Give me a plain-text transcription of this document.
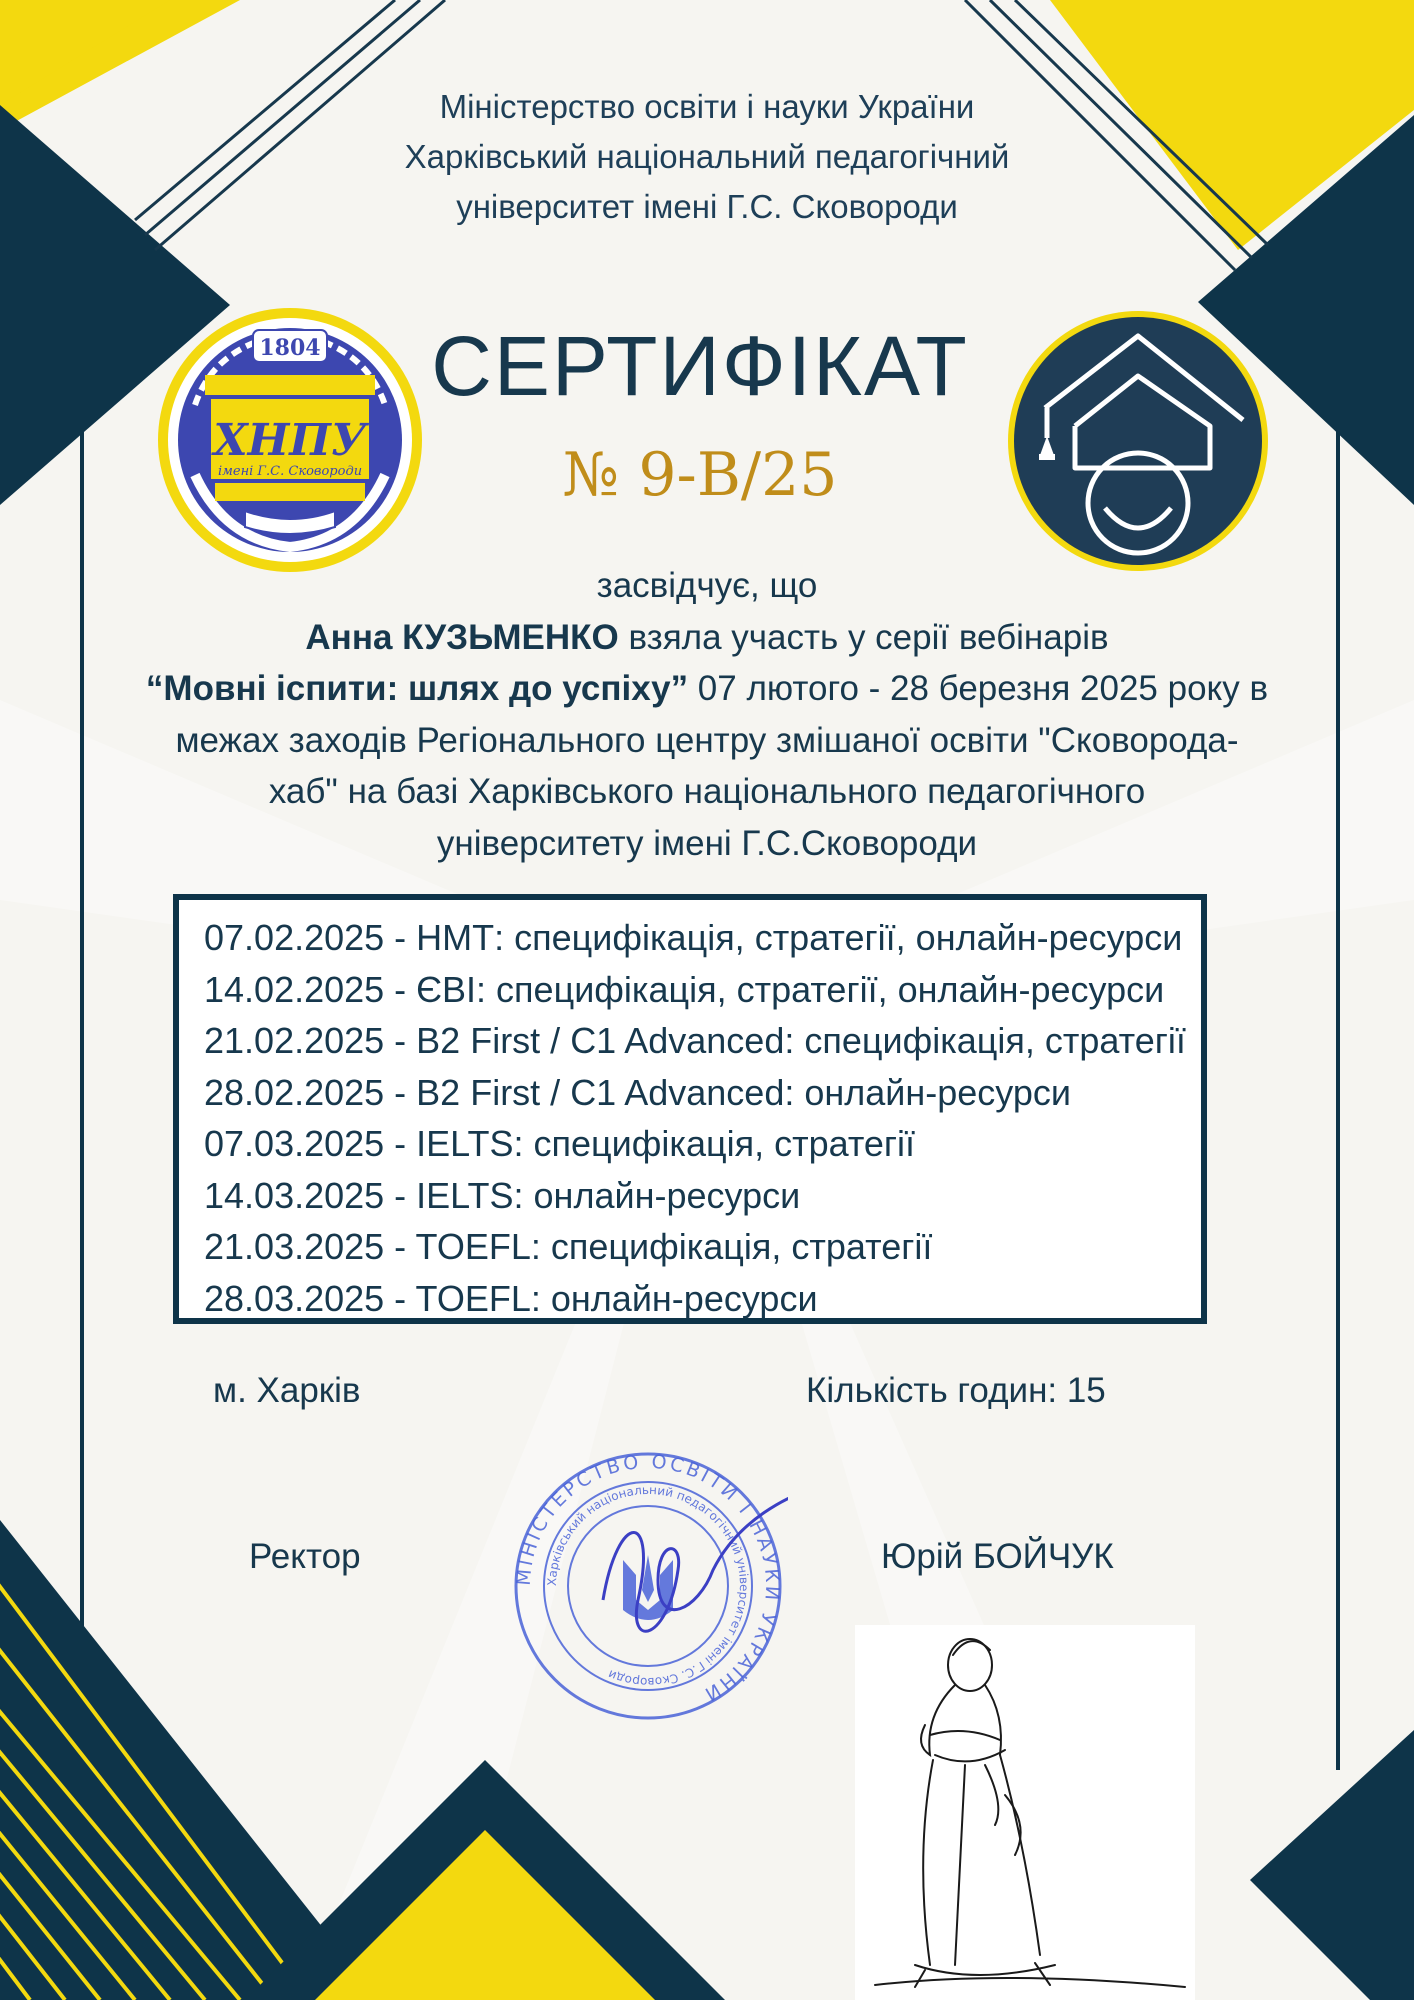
1804
ХНПУ
імені Г.С. Сковороди
Міністерство освіти і науки України
Харківський національний педагогічний
університет імені Г.С. Сковороди
СЕРТИФІКАТ
№ 9-В/25
засвідчує, що
Анна КУЗЬМЕНКО взяла участь у серії вебінарів
“Мовні іспити: шлях до успіху” 07 лютого - 28 березня 2025 року в
межах заходів Регіонального центру змішаної освіти "Сковорода-
хаб" на базі Харківського національного педагогічного
університету імені Г.С.Сковороди
07.02.2025 - НМТ: специфікація, стратегії, онлайн-ресурси
14.02.2025 - ЄВІ: специфікація, стратегії, онлайн-ресурси
21.02.2025 - B2 First / C1 Advanced: специфікація, стратегії
28.02.2025 - B2 First / C1 Advanced: онлайн-ресурси
07.03.2025 - IELTS: специфікація, стратегії
14.03.2025 - IELTS: онлайн-ресурси
21.03.2025 - TOEFL: специфікація, стратегії
28.03.2025 - TOEFL: онлайн-ресурси
м. Харків	Кількість годин: 15
Ректор	Юрій БОЙЧУК
МІНІСТЕРСТВО ОСВІТИ І НАУКИ УКРАЇНИ
Харківський національний педагогічний університет імені Г.С. Сковороди
